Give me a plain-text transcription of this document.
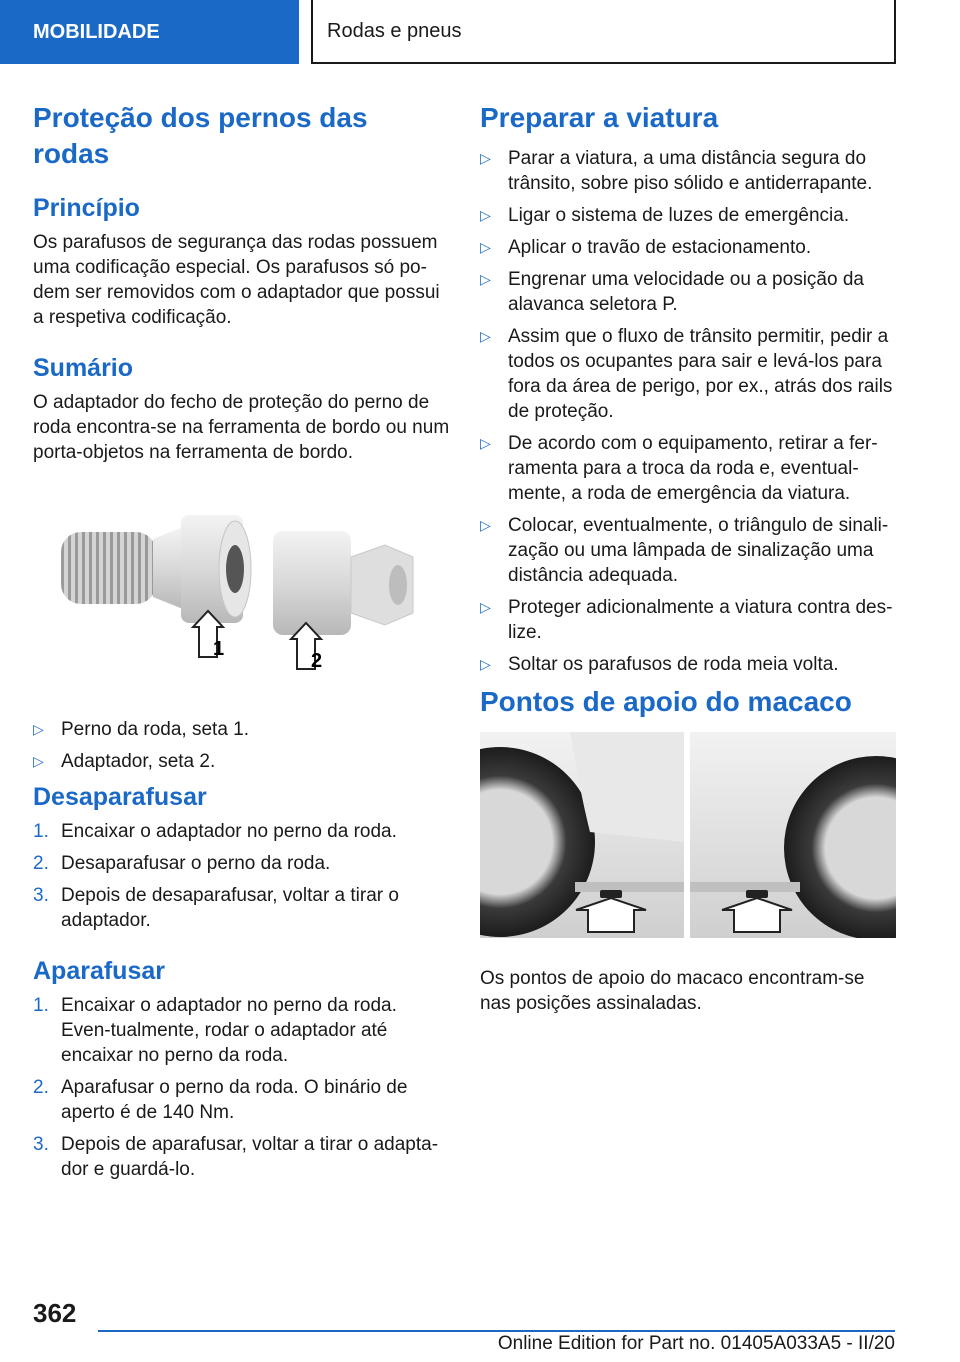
MOBILIDADE	Rodas e pneus
Proteção dos pernos das rodas
Princípio

Os parafusos de segurança das rodas possuem uma codificação especial. Os parafusos só po-dem ser removidos com o adaptador que possui a respetiva codificação.

Sumário

O adaptador do fecho de proteção do perno de roda encontra-se na ferramenta de bordo ou num porta-objetos na ferramenta de bordo.

1
2
▷ Perno da roda, seta 1.
▷ Adaptador, seta 2.
Desaparafusar
1. Encaixar o adaptador no perno da roda.
2. Desaparafusar o perno da roda.
3. Depois de desaparafusar, voltar a tirar o adaptador.
Aparafusar
1. Encaixar o adaptador no perno da roda. Even-tualmente, rodar o adaptador até encaixar no perno da roda.
2. Aparafusar o perno da roda. O binário de aperto é de 140 Nm.
3. Depois de aparafusar, voltar a tirar o adapta-dor e guardá-lo.
Preparar a viatura
▷ Parar a viatura, a uma distância segura do trânsito, sobre piso sólido e antiderrapante.
▷ Ligar o sistema de luzes de emergência.
▷ Aplicar o travão de estacionamento.
▷ Engrenar uma velocidade ou a posição da alavanca seletora P.
▷ Assim que o fluxo de trânsito permitir, pedir a todos os ocupantes para sair e levá-los para fora da área de perigo, por ex., atrás dos rails de proteção.
▷ De acordo com o equipamento, retirar a fer-ramenta para a troca da roda e, eventual-mente, a roda de emergência da viatura.
▷ Colocar, eventualmente, o triângulo de sinali-zação ou uma lâmpada de sinalização uma distância adequada.
▷ Proteger adicionalmente a viatura contra des-lize.
▷ Soltar os parafusos de roda meia volta.
Pontos de apoio do macaco

Os pontos de apoio do macaco encontram-se nas posições assinaladas.

362
Online Edition for Part no. 01405A033A5 - II/20
